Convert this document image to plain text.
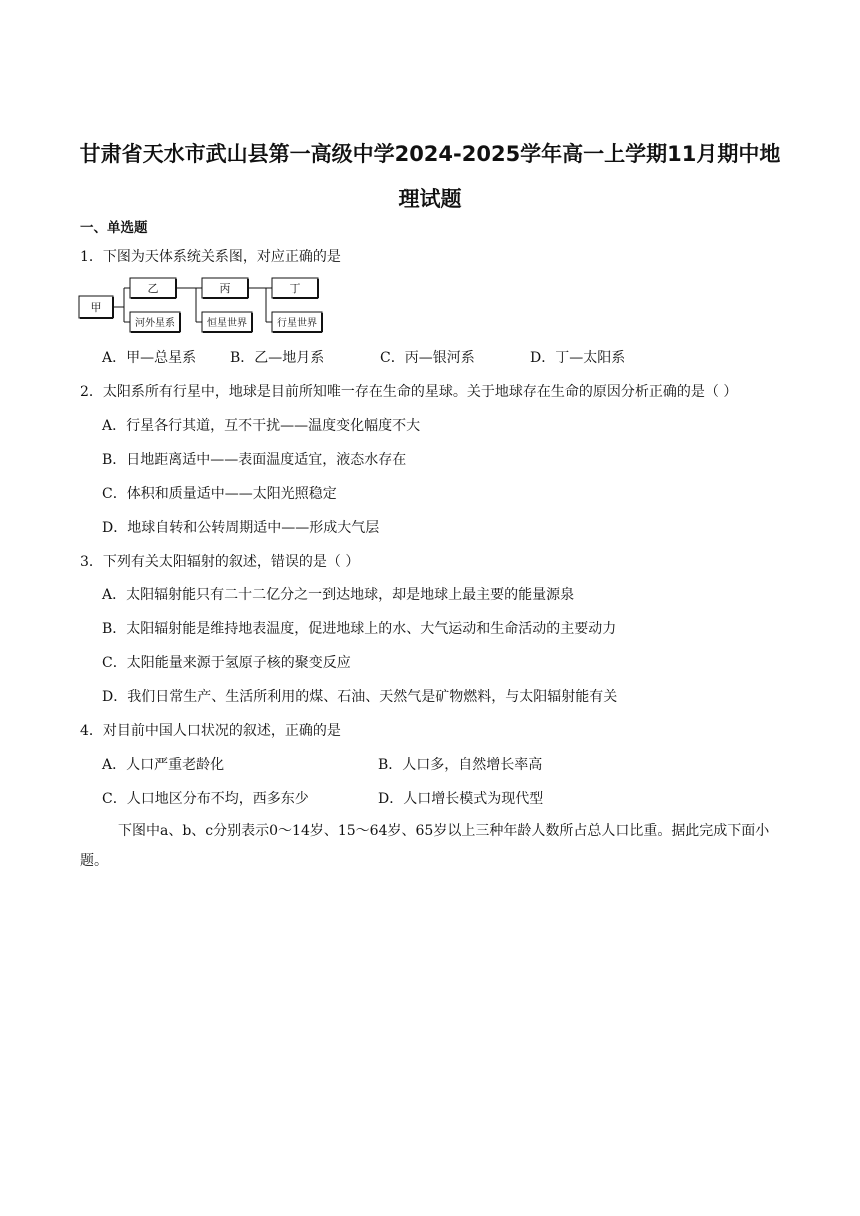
甘肃省天水市武山县第一高级中学2024-2025学年高一上学期11月期中地
理试题
一、单选题
1．下图为天体系统关系图，对应正确的是
甲
乙	丙	丁
河外星系	恒星世界	行星世界
A．甲—总星系 B．乙—地月系	C．丙—银河系	D．丁—太阳系
2．太阳系所有行星中，地球是目前所知唯一存在生命的星球。关于地球存在生命的原因分析正确的是（ ）
A．行星各行其道，互不干扰——温度变化幅度不大
B．日地距离适中——表面温度适宜，液态水存在
C．体积和质量适中——太阳光照稳定
D．地球自转和公转周期适中——形成大气层
3．下列有关太阳辐射的叙述，错误的是（ ）
A．太阳辐射能只有二十二亿分之一到达地球，却是地球上最主要的能量源泉
B．太阳辐射能是维持地表温度，促进地球上的水、大气运动和生命活动的主要动力
C．太阳能量来源于氢原子核的聚变反应
D．我们日常生产、生活所利用的煤、石油、天然气是矿物燃料，与太阳辐射能有关
4．对目前中国人口状况的叙述，正确的是
A．人口严重老龄化	B．人口多，自然增长率高
C．人口地区分布不均，西多东少	D．人口增长模式为现代型
下图中a、b、c分别表示0～14岁、15～64岁、65岁以上三种年龄人数所占总人口比重。据此完成下面小题。
